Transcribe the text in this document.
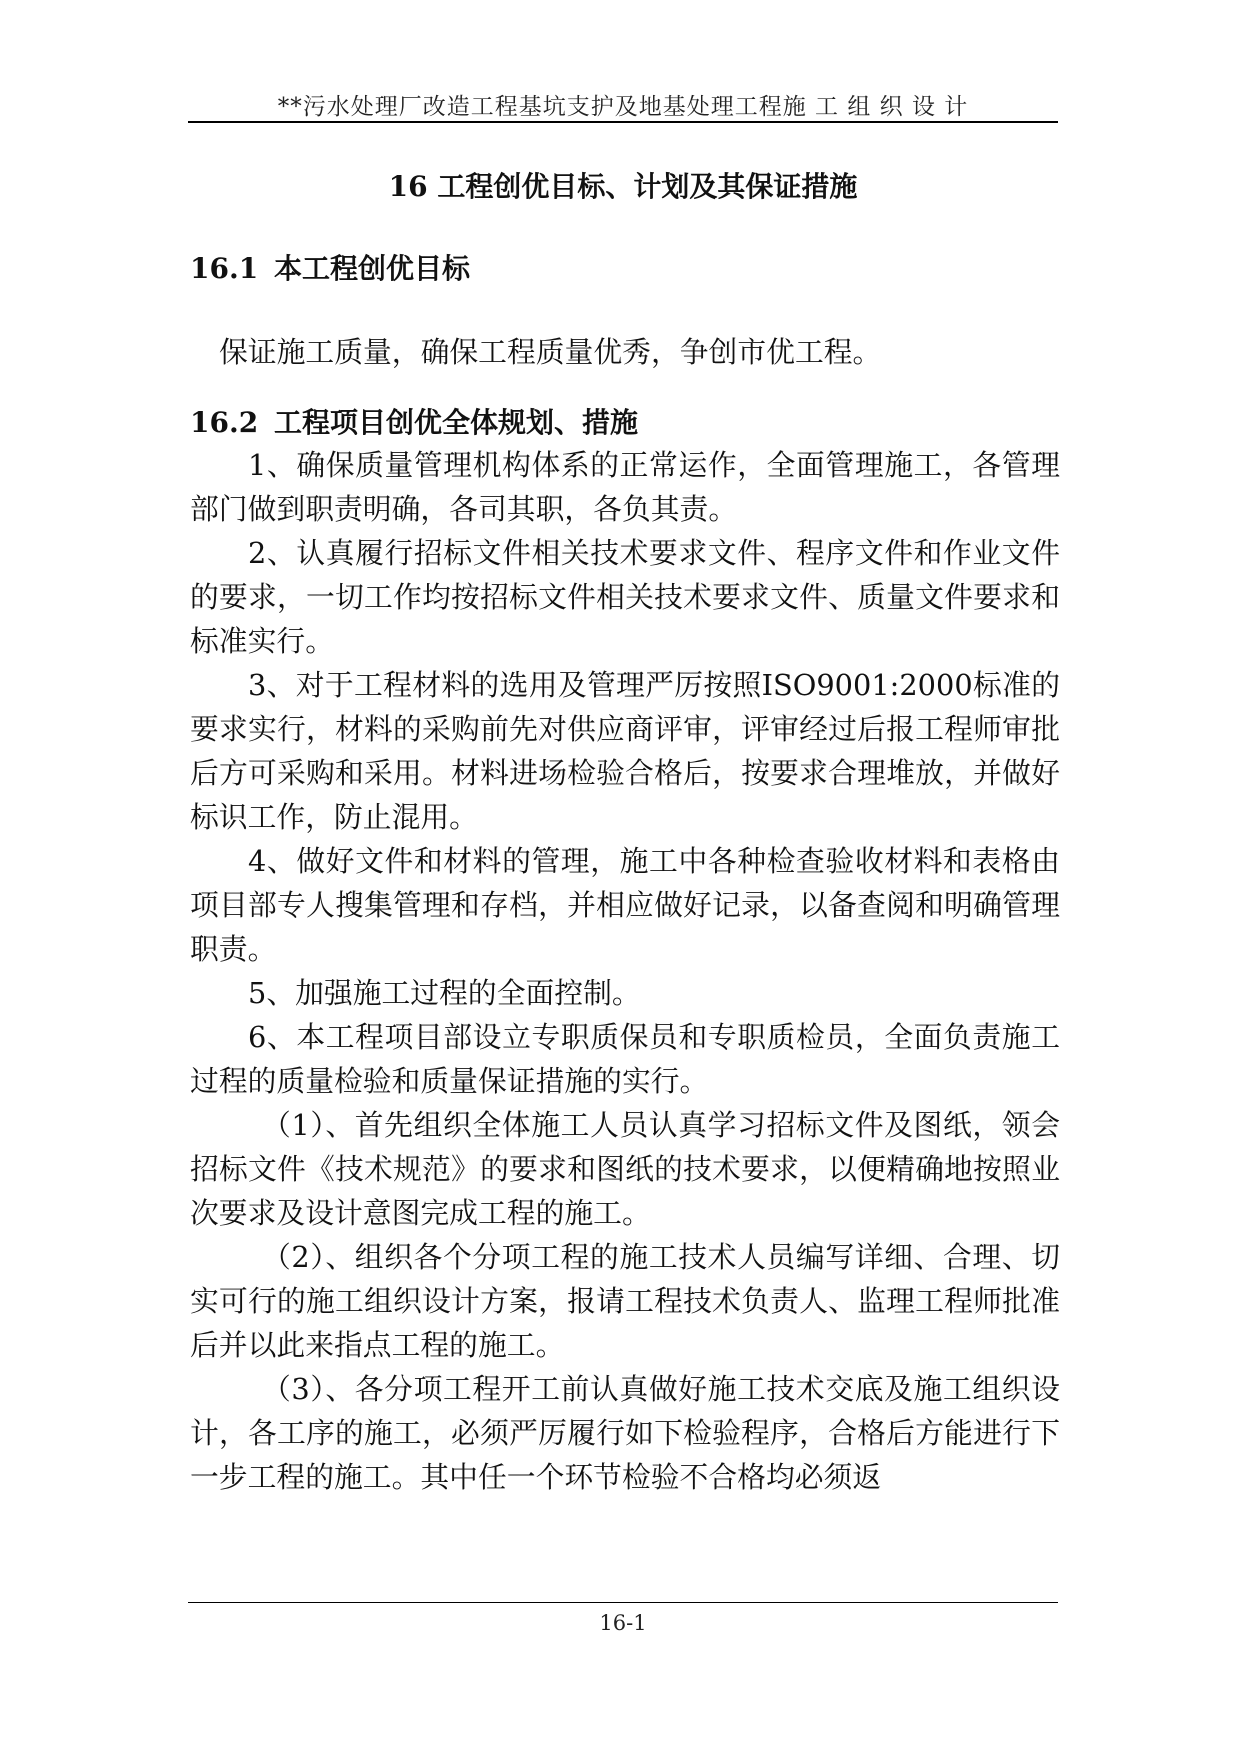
**污水处理厂改造工程基坑支护及地基处理工程施 工 组 织 设 计
16 工程创优目标、计划及其保证措施
16.1 本工程创优目标
保证施工质量，确保工程质量优秀，争创市优工程。
16.2 工程项目创优全体规划、措施

1、确保质量管理机构体系的正常运作，全面管理施工，各管理部门做到职责明确，各司其职，各负其责。

2、认真履行招标文件相关技术要求文件、程序文件和作业文件的要求，一切工作均按招标文件相关技术要求文件、质量文件要求和标准实行。

3、对于工程材料的选用及管理严厉按照ISO9001:2000标准的要求实行，材料的采购前先对供应商评审，评审经过后报工程师审批后方可采购和采用。材料进场检验合格后，按要求合理堆放，并做好标识工作，防止混用。

4、做好文件和材料的管理，施工中各种检查验收材料和表格由项目部专人搜集管理和存档，并相应做好记录，以备查阅和明确管理职责。

5、加强施工过程的全面控制。

6、本工程项目部设立专职质保员和专职质检员，全面负责施工过程的质量检验和质量保证措施的实行。

（1）、首先组织全体施工人员认真学习招标文件及图纸，领会招标文件《技术规范》的要求和图纸的技术要求，以便精确地按照业次要求及设计意图完成工程的施工。

（2）、组织各个分项工程的施工技术人员编写详细、合理、切实可行的施工组织设计方案，报请工程技术负责人、监理工程师批准后并以此来指点工程的施工。

（3）、各分项工程开工前认真做好施工技术交底及施工组织设计，各工序的施工，必须严厉履行如下检验程序，合格后方能进行下一步工程的施工。其中任一个环节检验不合格均必须返

16-1
